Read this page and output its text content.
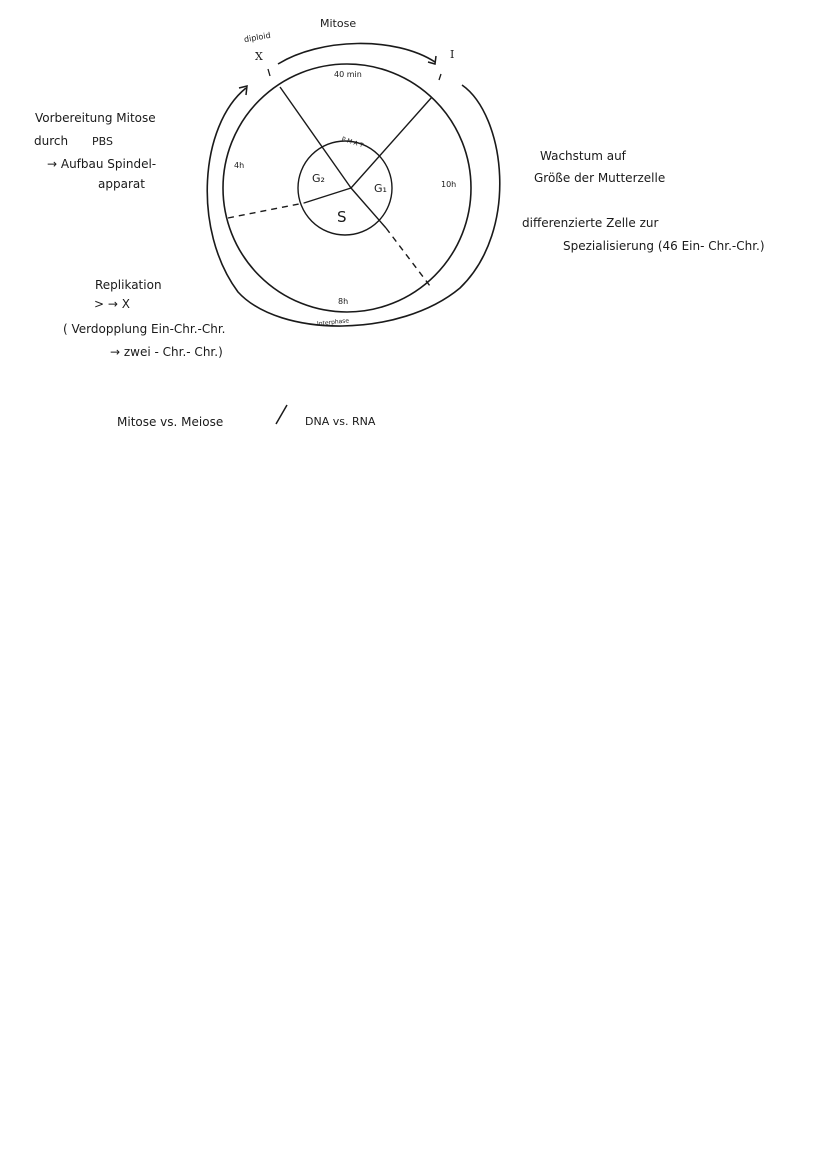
Mitose
diploid
X	I
40 min
P M A T
4h
10h
G₂
G₁
S
8h
Interphase
Vorbereitung Mitose
durch PBS
→ Aufbau Spindel-
apparat
Replikation
> → X
( Verdopplung Ein-Chr.-Chr.
→ zwei - Chr.- Chr.)
Wachstum auf
Größe der Mutterzelle
differenzierte Zelle zur
Spezialisierung (46 Ein- Chr.-Chr.)
Mitose vs. Meiose	DNA vs. RNA
